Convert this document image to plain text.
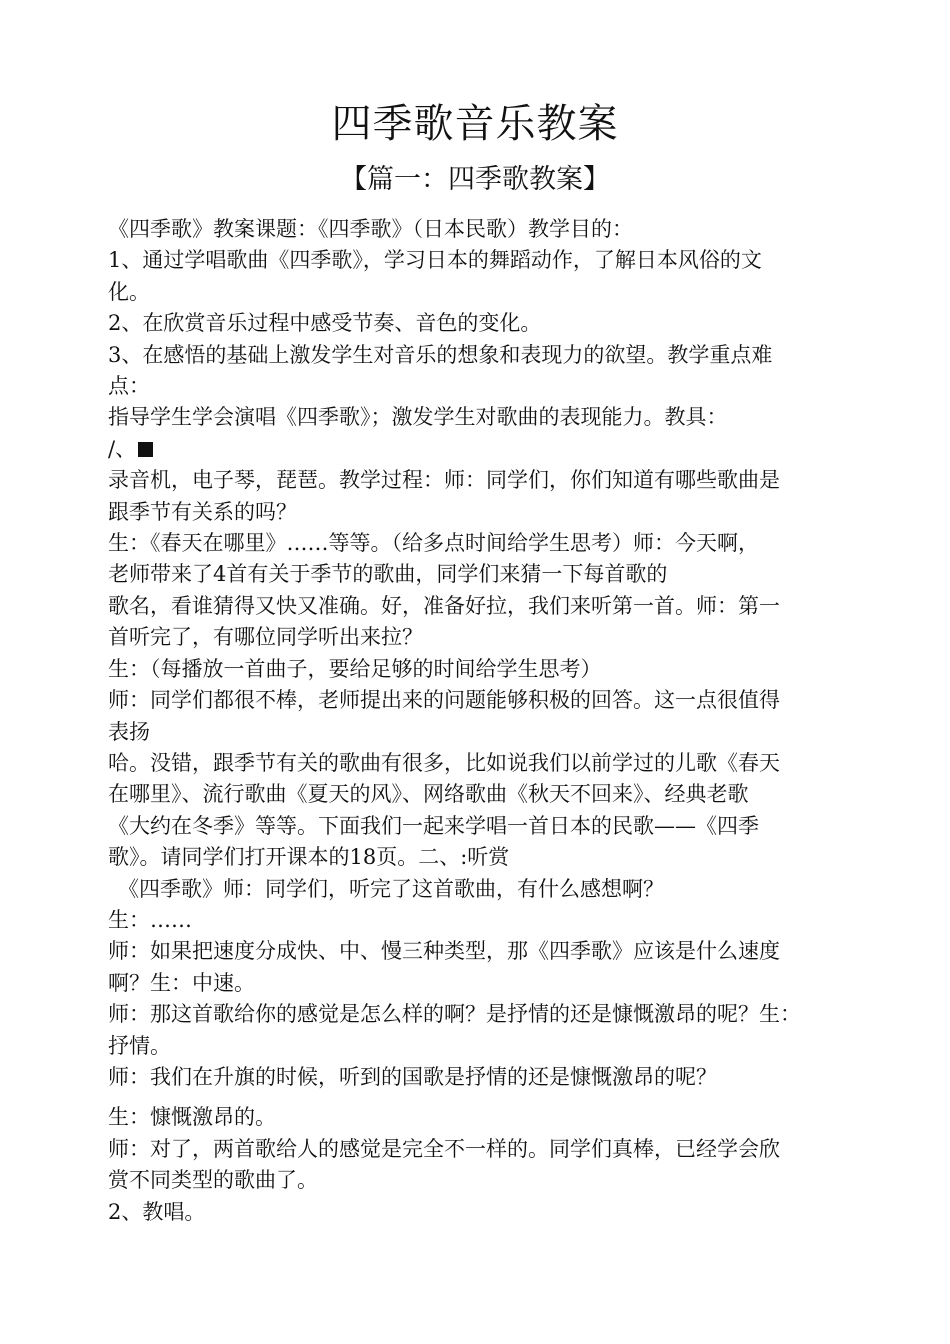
四季歌音乐教案
【篇一：四季歌教案】

《四季歌》教案课题：《四季歌》（日本民歌）教学目的：

1、通过学唱歌曲《四季歌》，学习日本的舞蹈动作，了解日本风俗的文

化。

2、在欣赏音乐过程中感受节奏、音色的变化。

3、在感悟的基础上激发学生对音乐的想象和表现力的欲望。教学重点难

点：

指导学生学会演唱《四季歌》；激发学生对歌曲的表现能力。教具：

/、

录音机，电子琴，琵琶。教学过程：师：同学们，你们知道有哪些歌曲是

跟季节有关系的吗？

生：《春天在哪里》……等等。（给多点时间给学生思考）师：今天啊，

老师带来了4首有关于季节的歌曲，同学们来猜一下每首歌的

歌名，看谁猜得又快又准确。好，准备好拉，我们来听第一首。师：第一

首听完了，有哪位同学听出来拉？

生：（每播放一首曲子，要给足够的时间给学生思考）

师：同学们都很不棒，老师提出来的问题能够积极的回答。这一点很值得

表扬

哈。没错，跟季节有关的歌曲有很多，比如说我们以前学过的儿歌《春天

在哪里》、流行歌曲《夏天的风》、网络歌曲《秋天不回来》、经典老歌

《大约在冬季》等等。下面我们一起来学唱一首日本的民歌——《四季

歌》。请同学们打开课本的18页。二、:听赏

《四季歌》师：同学们，听完了这首歌曲，有什么感想啊？

生：……

师：如果把速度分成快、中、慢三种类型，那《四季歌》应该是什么速度

啊？生：中速。

师：那这首歌给你的感觉是怎么样的啊？是抒情的还是慷慨激昂的呢？生：

抒情。

师：我们在升旗的时候，听到的国歌是抒情的还是慷慨激昂的呢？

生：慷慨激昂的。

师：对了，两首歌给人的感觉是完全不一样的。同学们真棒，已经学会欣

赏不同类型的歌曲了。

2、教唱。
